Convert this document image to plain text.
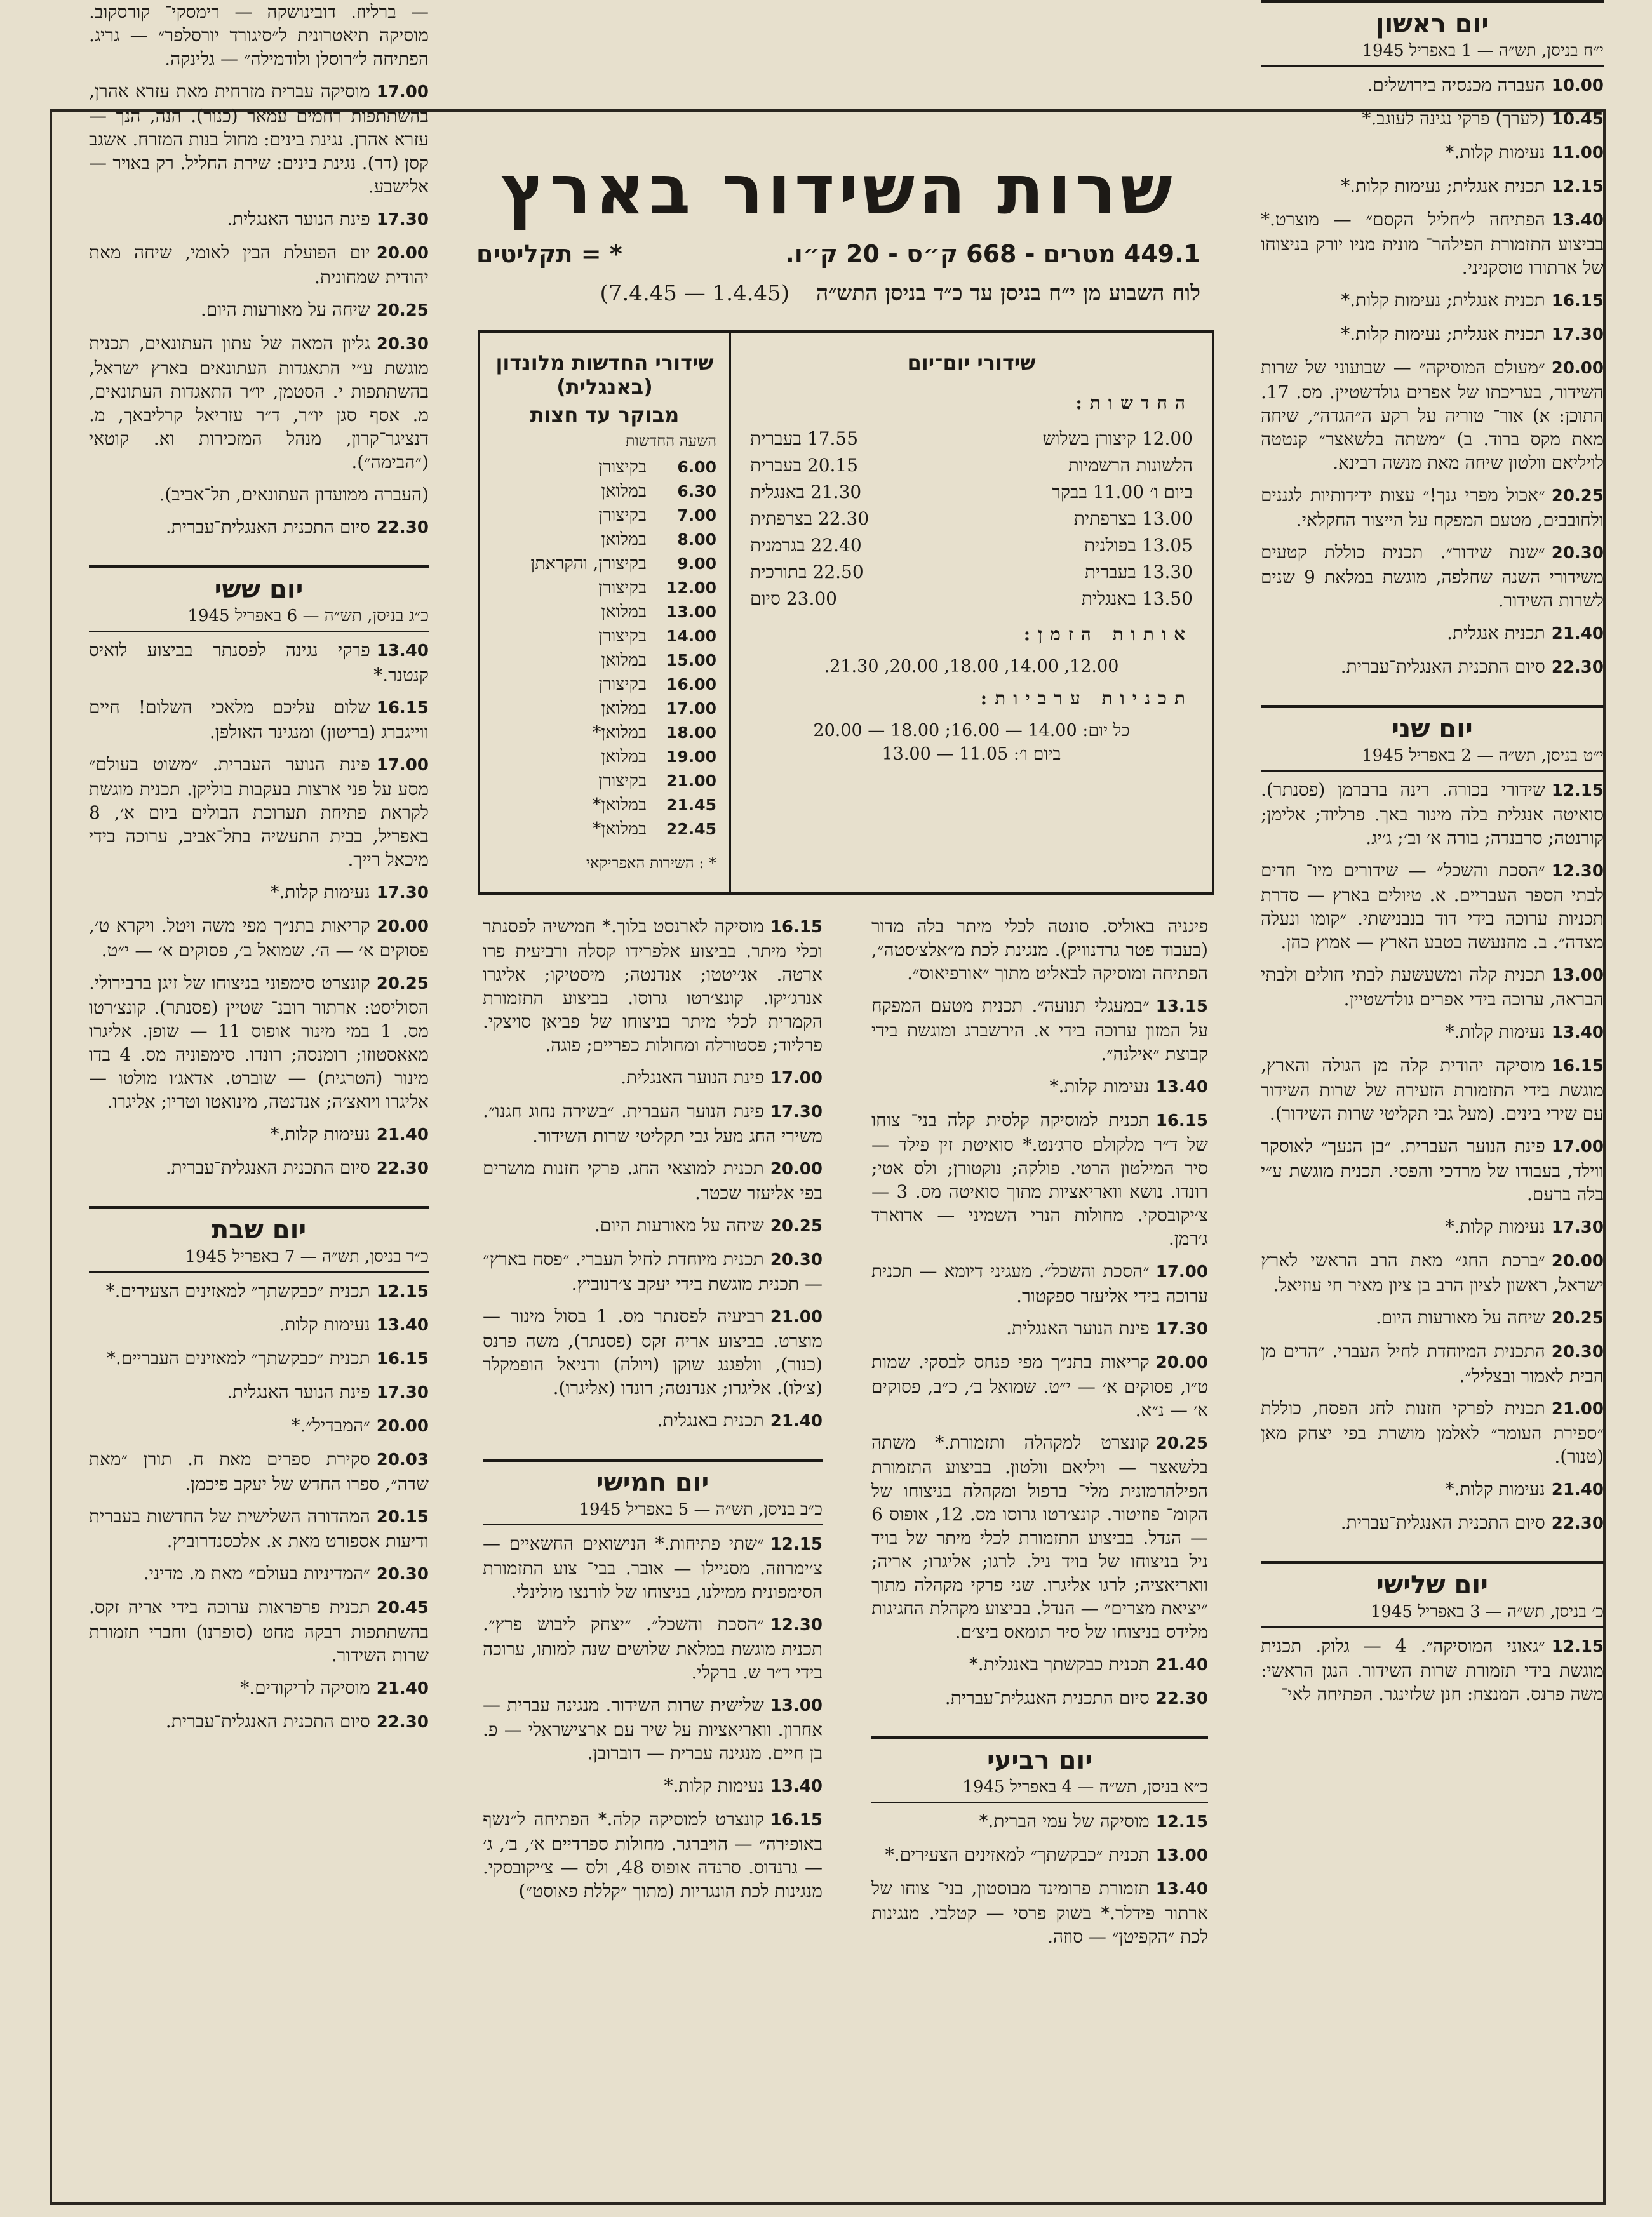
שרות השידור בארץ
449.1 מטרים - 668 ק״ס - 20 ק״ו.
* = תקליטים
לוח השבוע מן י״ח בניסן עד כ״ד בניסן התש״ה (1.4.45 — 7.4.45)
שידורי יום־יום
החדשות:
12.00 קיצורן בשלוש
17.55 בעברית
הלשונות הרשמיות
20.15 בעברית
ביום ו׳ 11.00 בבקר
21.30 באנגלית
13.00 בצרפתית
22.30 בצרפתית
13.05 בפולנית
22.40 בגרמנית
13.30 בעברית
22.50 בתורכית
13.50 באנגלית
23.00 סיום
אותות הזמן:
12.00, 14.00, 18.00, 20.00, 21.30.
תכניות ערביות:
כל יום: 14.00 — 16.00; 18.00 — 20.00
ביום ו׳: 11.05 — 13.00
שידורי החדשות מלונדון (באנגלית)
מבוקר עד חצות
השעה החדשות
6.00
בקיצורן
6.30
במלואן
7.00
בקיצורן
8.00
במלואן
9.00
בקיצורן, והקראתן
12.00
בקיצורן
13.00
במלואן
14.00
בקיצורן
15.00
במלואן
16.00
בקיצורן
17.00
במלואן
18.00
במלואן*
19.00
במלואן
21.00
בקיצורן
21.45
במלואן*
22.45
במלואן*
* : השירות האפריקאי
יום ראשון
י״ח בניסן, תש״ה — 1 באפריל 1945
10.00העברה מכנסיה בירושלים.
10.45(לערך) פרקי נגינה לעוגב.*
11.00נעימות קלות.*
12.15תכנית אנגלית; נעימות קלות.*
13.40הפתיחה ל״חליל הקסם״ — מוצרט.* בביצוע התזמורת הפילהר־ מונית מניו יורק בניצוחו של ארתורו טוסקניני.
16.15תכנית אנגלית; נעימות קלות.*
17.30תכנית אנגלית; נעימות קלות.*
20.00״מעולם המוסיקה״ — שבועוני של שרות השידור, בעריכתו של אפרים גולדשטיין. מס. 17. התוכן: א) אור־ טוריה על רקע ה״הגדה״, שיחה מאת מקס ברוד. ב) ״משתה בלשאצר״ קנטטה לויליאם וולטון שיחה מאת מנשה רבינא.
20.25״אכול מפרי גנך!״ עצות ידידותיות לגננים ולחובבים, מטעם המפקח על הייצור החקלאי.
20.30״שנת שידור״. תכנית כוללת קטעים משידורי השנה שחלפה, מוגשת במלאת 9 שנים לשרות השידור.
21.40תכנית אנגלית.
22.30סיום התכנית האנגלית־עברית.
יום שני
י״ט בניסן, תש״ה — 2 באפריל 1945
12.15שידורי בכורה. רינה ברברמן (פסנתר). סואיטה אנגלית בלה מינור באך. פרליוד; אלימן; קורנטה; סרבנדה; בורה א׳ וב׳; ג׳יג.
12.30״הסכת והשכל״ — שידורים מיו־ חדים לבתי הספר העבריים. א. טיולים בארץ — סדרת תכניות ערוכה בידי דוד בנבנישתי. ״קומו ונעלה מצדה״. ב. מהנעשה בטבע הארץ — אמוץ כהן.
13.00תכנית קלה ומשעשעת לבתי חולים ולבתי הבראה, ערוכה בידי אפרים גולדשטיין.
13.40נעימות קלות.*
16.15מוסיקה יהודית קלה מן הגולה והארץ, מוגשת בידי התזמורת הזעירה של שרות השידור עם שירי בינים. (מעל גבי תקליטי שרות השידור).
17.00פינת הנוער העברית. ״בן הנעך״ לאוסקר ווילד, בעבודו של מרדכי והפסי. תכנית מוגשת ע״י בלה ברעם.
17.30נעימות קלות.*
20.00״ברכת החג״ מאת הרב הראשי לארץ ישראל, ראשון לציון הרב בן ציון מאיר חי עוזיאל.
20.25שיחה על מאורעות היום.
20.30התכנית המיוחדת לחיל העברי. ״הדים מן הבית לאמור ובצליל״.
21.00תכנית לפרקי חזנות לחג הפסח, כוללת ״ספירת העומר״ לאלמן מושרת בפי יצחק מאן (טנור).
21.40נעימות קלות.*
22.30סיום התכנית האנגלית־עברית.
יום שלישי
כ׳ בניסן, תש״ה — 3 באפריל 1945
12.15״גאוני המוסיקה״. 4 — גלוק. תכנית מוגשת בידי תזמורת שרות השידור. הנגן הראשי: משה פרנס. המנצח: חנן שלזינגר. הפתיחה לאי־
פיגניה באוליס. סונטה לכלי מיתר בלה מדור (בעבוד פטר גרדנוויק). מנגינת לכת מ״אלצ׳סטה״, הפתיחה ומוסיקה לבאליט מתוך ״אורפיאוס״.
13.15״במעגלי תנועה״. תכנית מטעם המפקח על המזון ערוכה בידי א. הירשברג ומוגשת בידי קבוצת ״אילנה״.
13.40נעימות קלות.*
16.15תכנית למוסיקה קלסית קלה בני־ צוחו של ד״ר מלקולם סרג׳נט.* סואיטת זין פילד — סיר המילטון הרטי. פולקה; נוקטורן; ולס אטי; רונדו. נושא וואריאציות מתוך סואיטה מס. 3 — צ׳יקובסקי. מחולות הנרי השמיני — אדוארד ג׳רמן.
17.00״הסכת והשכל״. מעגיני דיומא — תכנית ערוכה בידי אליעזר ספקטור.
17.30פינת הנוער האנגלית.
20.00קריאות בתנ״ך מפי פנחס לבסקי. שמות ט״ו, פסוקים א׳ — י״ט. שמואל ב׳, כ״ב, פסוקים א׳ — נ״א.
20.25קונצרט למקהלה ותזמורת.* משתה בלשאצר — ויליאם וולטון. בביצוע התזמורת הפילהרמונית מלי־ ברפול ומקהלה בניצוחו של הקומ־ פוזיטור. קונצ׳רטו גרוסו מס. 12, אופוס 6 — הנדל. בביצוע התזמורת לכלי מיתר של בויד ניל בניצוחו של בויד ניל. לרגו; אליגרו; אריה; וואריאציה; לרגו אליגרו. שני פרקי מקהלה מתוך ״יציאת מצרים״ — הנדל. בביצוע מקהלת החגיגות מלידס בניצוחו של סיר תומאס ביצ׳ם.
21.40תכנית כבקשתך באנגלית.*
22.30סיום התכנית האנגלית־עברית.
יום רביעי
כ״א בניסן, תש״ה — 4 באפריל 1945
12.15מוסיקה של עמי הברית.*
13.00תכנית ״כבקשתך״ למאזינים הצעירים.*
13.40תזמורת פרומינד מבוסטון, בני־ צוחו של ארתור פידלר.* בשוק פרסי — קטלבי. מנגינות לכת ״הקפיטן״ — סוזה.
16.15מוסיקה לארנסט בלוך.* חמישיה לפסנתר וכלי מיתר. בביצוע אלפרידו קסלה ורביעית פרו ארטה. אג׳יטטו; אנדנטה; מיסטיקו; אליגרו אנרג׳יקו. קונצ׳רטו גרוסו. בביצוע התזמורת הקמרית לכלי מיתר בניצוחו של פביאן סויצקי. פרליוד; פסטורלה ומחולות כפריים; פוגה.
17.00פינת הנוער האנגלית.
17.30פינת הנוער העברית. ״בשירה נחוג חגנו״. משירי החג מעל גבי תקליטי שרות השידור.
20.00תכנית למוצאי החג. פרקי חזנות מושרים בפי אליעזר שכטר.
20.25שיחה על מאורעות היום.
20.30תכנית מיוחדת לחיל העברי. ״פסח בארץ״ — תכנית מוגשת בידי יעקב צ׳רנוביץ.
21.00רביעיה לפסנתר מס. 1 בסול מינור — מוצרט. בביצוע אריה זקס (פסנתר), משה פרנס (כנור), וולפגנג שוקן (ויולה) ודניאל הופמקלר (צ׳לו). אליגרו; אנדנטה; רונדו (אליגרו).
21.40תכנית באנגלית.
יום חמישי
כ״ב בניסן, תש״ה — 5 באפריל 1945
12.15״שתי פתיחות.* הנישואים החשאיים — צ׳ימרוזה. מסניילו — אובר. בבי־ צוע התזמורת הסימפונית ממילנו, בניצוחו של לורנצו מולינלי.
12.30״הסכת והשכל״. ״יצחק ליבוש פרץ״. תכנית מוגשת במלאת שלושים שנה למותו, ערוכה בידי ד״ר ש. ברקלי.
13.00שלישית שרות השידור. מנגינה עברית — אחרון. וואריאציות על שיר עם ארצישראלי — פ. בן חיים. מנגינה עברית — דוברובן.
13.40נעימות קלות.*
16.15קונצרט למוסיקה קלה.* הפתיחה ל״נשף באופירה״ — הויברגר. מחולות ספרדיים א׳, ב׳, ג׳ — גרנדוס. סרנדה אופוס 48, ולס — צ׳יקובסקי. מנגינות לכת הונגריות (מתוך ״קללת פאוסט״)
— ברליוז. דובינושקה — רימסקי־ קורסקוב. מוסיקה תיאטרונית ל״סיגורד יורסלפר״ — גריג. הפתיחה ל״רוסלן ולודמילה״ — גלינקה.
17.00מוסיקה עברית מזרחית מאת עזרא אהרן, בהשתתפות רחמים עמאר (כנור). הנה, הנך — עזרא אהרן. נגינת בינים: מחול בנות המזרח. אשגב קסן (דר). נגינת בינים: שירת החליל. רק באויר — אלישבע.
17.30פינת הנוער האנגלית.
20.00יום הפועלת הבין לאומי, שיחה מאת יהודית שמחונית.
20.25שיחה על מאורעות היום.
20.30גליון המאה של עתון העתונאים, תכנית מוגשת ע״י התאגדות העתונאים בארץ ישראל, בהשתתפות י. הסטמן, יו״ר התאגדות העתונאים, מ. אסף סגן יו״ר, ד״ר עזריאל קרליבאך, מ. דנציגר־קרון, מנהל המזכירות וא. קוטאי (״הבימה״).
(העברה ממועדון העתונאים, תל־אביב).
22.30סיום התכנית האנגלית־עברית.
יום ששי
כ״ג בניסן, תש״ה — 6 באפריל 1945
13.40פרקי נגינה לפסנתר בביצוע לואיס קנטנר.*
16.15שלום עליכם מלאכי השלום! חיים ווייגברג (בריטון) ומנגינר האולפן.
17.00פינת הנוער העברית. ״משוט בעולם״ מסע על פני ארצות בעקבות בוליקן. תכנית מוגשת לקראת פתיחת תערוכת הבולים ביום א׳, 8 באפריל, בבית התעשיה בתל־אביב, ערוכה בידי מיכאל רייך.
17.30נעימות קלות.*
20.00קריאות בתנ״ך מפי משה ויטל. ויקרא ט׳, פסוקים א׳ — ה׳. שמואל ב׳, פסוקים א׳ — י״ט.
20.25קונצרט סימפוני בניצוחו של זיגן ברבירולי. הסוליסט: ארתור רובנ־ שטיין (פסנתר). קונצ׳רטו מס. 1 במי מינור אופוס 11 — שופן. אליגרו מאאסטוזו; רומנסה; רונדו. סימפוניה מס. 4 בדו מינור (הטרגית) — שוברט. אדאג׳ו מולטו — אליגרו ויואצ׳ה; אנדנטה, מינואטו וטריו; אליגרו.
21.40נעימות קלות.*
22.30סיום התכנית האנגלית־עברית.
יום שבת
כ״ד בניסן, תש״ה — 7 באפריל 1945
12.15תכנית ״כבקשתך״ למאזינים הצעירים.*
13.40נעימות קלות.
16.15תכנית ״כבקשתך״ למאזינים העבריים.*
17.30פינת הנוער האנגלית.
20.00״המבדיל״.*
20.03סקירת ספרים מאת ח. תורן ״מאת שדה״, ספרו החדש של יעקב פיכמן.
20.15המהדורה השלישית של החדשות בעברית ודיעות אספורט מאת א. אלכסנדרוביץ.
20.30״המדיניות בעולם״ מאת מ. מדיני.
20.45תכנית פרפראות ערוכה בידי אריה זקס. בהשתתפות רבקה מחט (סופרנו) וחברי תזמורת שרות השידור.
21.40מוסיקה לריקודים.*
22.30סיום התכנית האנגלית־עברית.
